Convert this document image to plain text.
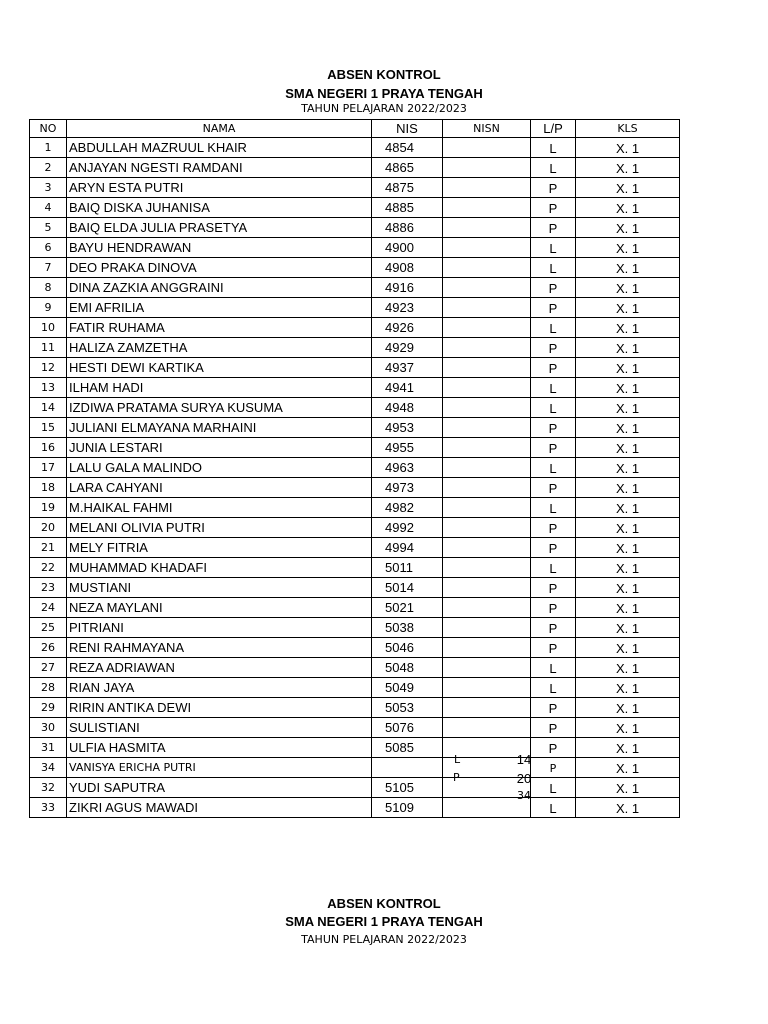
ABSEN KONTROL
SMA NEGERI 1 PRAYA TENGAH
TAHUN PELAJARAN 2022/2023
NO	NAMA	NIS	NISN	L/P	KLS
1	ABDULLAH MAZRUUL KHAIR	4854		L	X. 1
2	ANJAYAN NGESTI RAMDANI	4865		L	X. 1
3	ARYN ESTA PUTRI	4875		P	X. 1
4	BAIQ DISKA JUHANISA	4885		P	X. 1
5	BAIQ ELDA JULIA PRASETYA	4886		P	X. 1
6	BAYU HENDRAWAN	4900		L	X. 1
7	DEO PRAKA DINOVA	4908		L	X. 1
8	DINA ZAZKIA ANGGRAINI	4916		P	X. 1
9	EMI AFRILIA	4923		P	X. 1
10	FATIR RUHAMA	4926		L	X. 1
11	HALIZA ZAMZETHA	4929		P	X. 1
12	HESTI DEWI KARTIKA	4937		P	X. 1
13	ILHAM HADI	4941		L	X. 1
14	IZDIWA PRATAMA SURYA KUSUMA	4948		L	X. 1
15	JULIANI ELMAYANA MARHAINI	4953		P	X. 1
16	JUNIA LESTARI	4955		P	X. 1
17	LALU GALA MALINDO	4963		L	X. 1
18	LARA CAHYANI	4973		P	X. 1
19	M.HAIKAL FAHMI	4982		L	X. 1
20	MELANI OLIVIA PUTRI	4992		P	X. 1
21	MELY FITRIA	4994		P	X. 1
22	MUHAMMAD KHADAFI	5011		L	X. 1
23	MUSTIANI	5014		P	X. 1
24	NEZA MAYLANI	5021		P	X. 1
25	PITRIANI	5038		P	X. 1
26	RENI RAHMAYANA	5046		P	X. 1
27	REZA ADRIAWAN	5048		L	X. 1
28	RIAN JAYA	5049		L	X. 1
29	RIRIN ANTIKA DEWI	5053		P	X. 1
30	SULISTIANI	5076		P	X. 1
31	ULFIA HASMITA	5085		P	X. 1
34	VANISYA ERICHA PUTRI			P	X. 1
32	YUDI SAPUTRA	5105		L	X. 1
33	ZIKRI AGUS MAWADI	5109		L	X. 1
L	14
P	20
34
ABSEN KONTROL
SMA NEGERI 1 PRAYA TENGAH
TAHUN PELAJARAN 2022/2023
